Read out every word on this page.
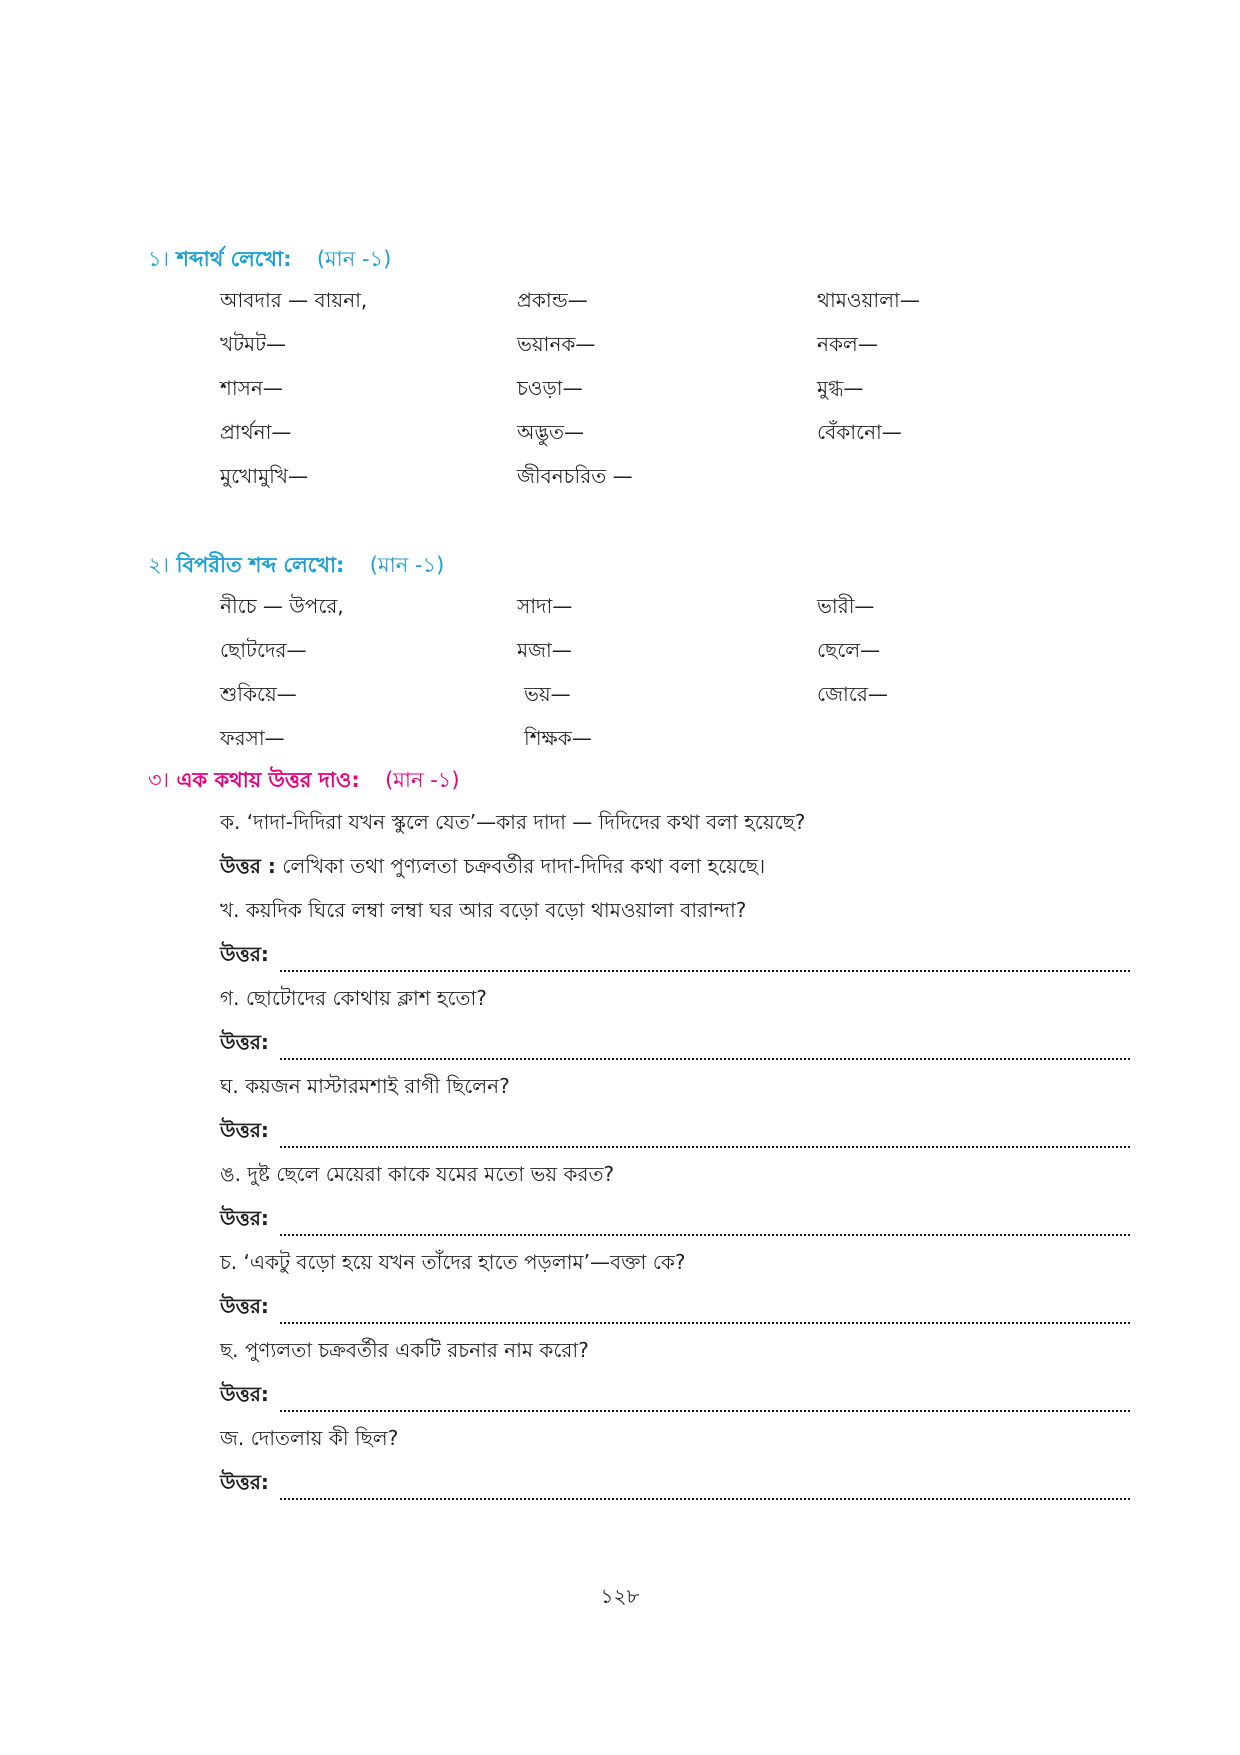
১। শব্দার্থ লেখো: (মান -১)
আবদার — বায়না,	প্রকান্ড—	থামওয়ালা—
খটমট—	ভয়ানক—	নকল—
শাসন—	চওড়া—	মুগ্ধ—
প্রার্থনা—	অদ্ভুত—	বেঁকানো—
মুখোমুখি—	জীবনচরিত —
২। বিপরীত শব্দ লেখো: (মান -১)
নীচে — উপরে,	সাদা—	ভারী—
ছোটদের—	মজা—	ছেলে—
শুকিয়ে—	ভয়—	জোরে—
ফরসা—	শিক্ষক—
৩। এক কথায় উত্তর দাও: (মান -১)
ক. ‘দাদা-দিদিরা যখন স্কুলে যেত’—কার দাদা — দিদিদের কথা বলা হয়েছে?
উত্তর : লেখিকা তথা পুণ্যলতা চক্রবর্তীর দাদা-দিদির কথা বলা হয়েছে।
খ. কয়দিক ঘিরে লম্বা লম্বা ঘর আর বড়ো বড়ো থামওয়ালা বারান্দা?
উত্তর:
গ. ছোটোদের কোথায় ক্লাশ হতো?
উত্তর:
ঘ. কয়জন মাস্টারমশাই রাগী ছিলেন?
উত্তর:
ঙ. দুষ্ট ছেলে মেয়েরা কাকে যমের মতো ভয় করত?
উত্তর:
চ. ‘একটু বড়ো হয়ে যখন তাঁদের হাতে পড়লাম’—বক্তা কে?
উত্তর:
ছ. পুণ্যলতা চক্রবর্তীর একটি রচনার নাম করো?
উত্তর:
জ. দোতলায় কী ছিল?
উত্তর:
১২৮
